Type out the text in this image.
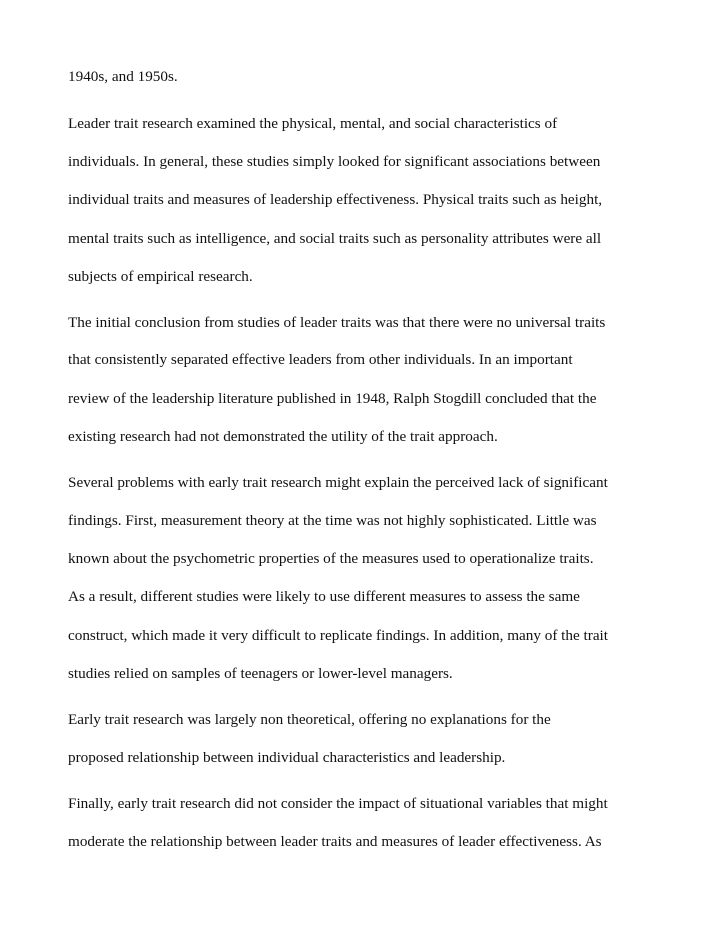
1940s, and 1950s.
Leader trait research examined the physical, mental, and social characteristics of
individuals. In general, these studies simply looked for significant associations between
individual traits and measures of leadership effectiveness. Physical traits such as height,
mental traits such as intelligence, and social traits such as personality attributes were all
subjects of empirical research.
The initial conclusion from studies of leader traits was that there were no universal traits
that consistently separated effective leaders from other individuals. In an important
review of the leadership literature published in 1948, Ralph Stogdill concluded that the
existing research had not demonstrated the utility of the trait approach.
Several problems with early trait research might explain the perceived lack of significant
findings. First, measurement theory at the time was not highly sophisticated. Little was
known about the psychometric properties of the measures used to operationalize traits.
As a result, different studies were likely to use different measures to assess the same
construct, which made it very difficult to replicate findings. In addition, many of the trait
studies relied on samples of teenagers or lower-level managers.
Early trait research was largely non theoretical, offering no explanations for the
proposed relationship between individual characteristics and leadership.
Finally, early trait research did not consider the impact of situational variables that might
moderate the relationship between leader traits and measures of leader effectiveness. As
